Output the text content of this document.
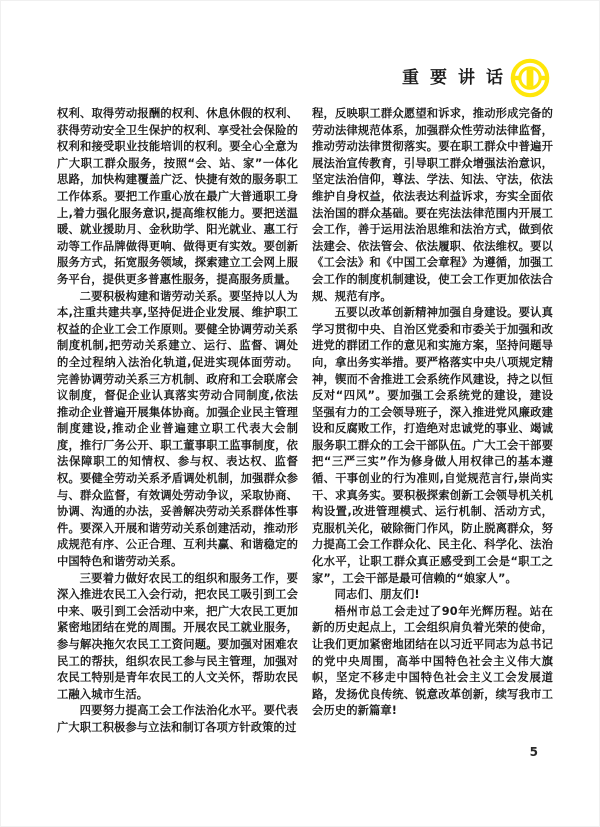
重要讲话

权利、取得劳动报酬的权利、休息休假的权利、获得劳动安全卫生保护的权利、享受社会保险的权利和接受职业技能培训的权利。要全心全意为广大职工群众服务，按照“会、站、家”一体化思路，加快构建覆盖广泛、快捷有效的服务职工工作体系。要把工作重心放在最广大普通职工身上,着力强化服务意识,提高维权能力。要把送温暖、就业援助月、金秋助学、阳光就业、惠工行动等工作品牌做得更响、做得更有实效。要创新服务方式，拓宽服务领域，探索建立工会网上服务平台，提供更多普惠性服务，提高服务质量。

二要积极构建和谐劳动关系。要坚持以人为本,注重共建共享,坚持促进企业发展、维护职工权益的企业工会工作原则。要健全协调劳动关系制度机制,把劳动关系建立、运行、监督、调处的全过程纳入法治化轨道,促进实现体面劳动。完善协调劳动关系三方机制、政府和工会联席会议制度，督促企业认真落实劳动合同制度,依法推动企业普遍开展集体协商。加强企业民主管理制度建设,推动企业普遍建立职工代表大会制度，推行厂务公开、职工董事职工监事制度，依法保障职工的知情权、参与权、表达权、监督权。要健全劳动关系矛盾调处机制，加强群众参与、群众监督，有效调处劳动争议，采取协商、协调、沟通的办法，妥善解决劳动关系群体性事件。要深入开展和谐劳动关系创建活动，推动形成规范有序、公正合理、互利共赢、和谐稳定的中国特色和谐劳动关系。

三要着力做好农民工的组织和服务工作，要深入推进农民工入会行动，把农民工吸引到工会中来、吸引到工会活动中来，把广大农民工更加紧密地团结在党的周围。开展农民工就业服务，参与解决拖欠农民工工资问题。要加强对困难农民工的帮扶，组织农民工参与民主管理，加强对农民工特别是青年农民工的人文关怀，帮助农民工融入城市生活。

四要努力提高工会工作法治化水平。要代表广大职工积极参与立法和制订各项方针政策的过

程，反映职工群众愿望和诉求，推动形成完备的劳动法律规范体系，加强群众性劳动法律监督，推动劳动法律贯彻落实。要在职工群众中普遍开展法治宣传教育，引导职工群众增强法治意识，坚定法治信仰，尊法、学法、知法、守法，依法维护自身权益，依法表达利益诉求，夯实全面依法治国的群众基础。要在宪法法律范围内开展工会工作，善于运用法治思维和法治方式，做到依法建会、依法管会、依法履职、依法维权。要以《工会法》和《中国工会章程》为遵循，加强工会工作的制度机制建设，使工会工作更加依法合规、规范有序。

五要以改革创新精神加强自身建设。要认真学习贯彻中央、自治区党委和市委关于加强和改进党的群团工作的意见和实施方案，坚持问题导向，拿出务实举措。要严格落实中央八项规定精神，锲而不舍推进工会系统作风建设，持之以恒反对“四风”。要加强工会系统党的建设，建设坚强有力的工会领导班子，深入推进党风廉政建设和反腐败工作，打造绝对忠诚党的事业、竭诚服务职工群众的工会干部队伍。广大工会干部要把“三严三实”作为修身做人用权律己的基本遵循、干事创业的行为准则,自觉规范言行,崇尚实干、求真务实。要积极探索创新工会领导机关机构设置,改进管理模式、运行机制、活动方式，克服机关化，破除衙门作风，防止脱离群众，努力提高工会工作群众化、民主化、科学化、法治化水平，让职工群众真正感受到工会是“职工之家”，工会干部是最可信赖的“娘家人”。

同志们、朋友们!

梧州市总工会走过了90年光辉历程。站在新的历史起点上，工会组织肩负着光荣的使命，让我们更加紧密地团结在以习近平同志为总书记的党中央周围，高举中国特色社会主义伟大旗帜，坚定不移走中国特色社会主义工会发展道路，发扬优良传统、锐意改革创新，续写我市工会历史的新篇章!

5
